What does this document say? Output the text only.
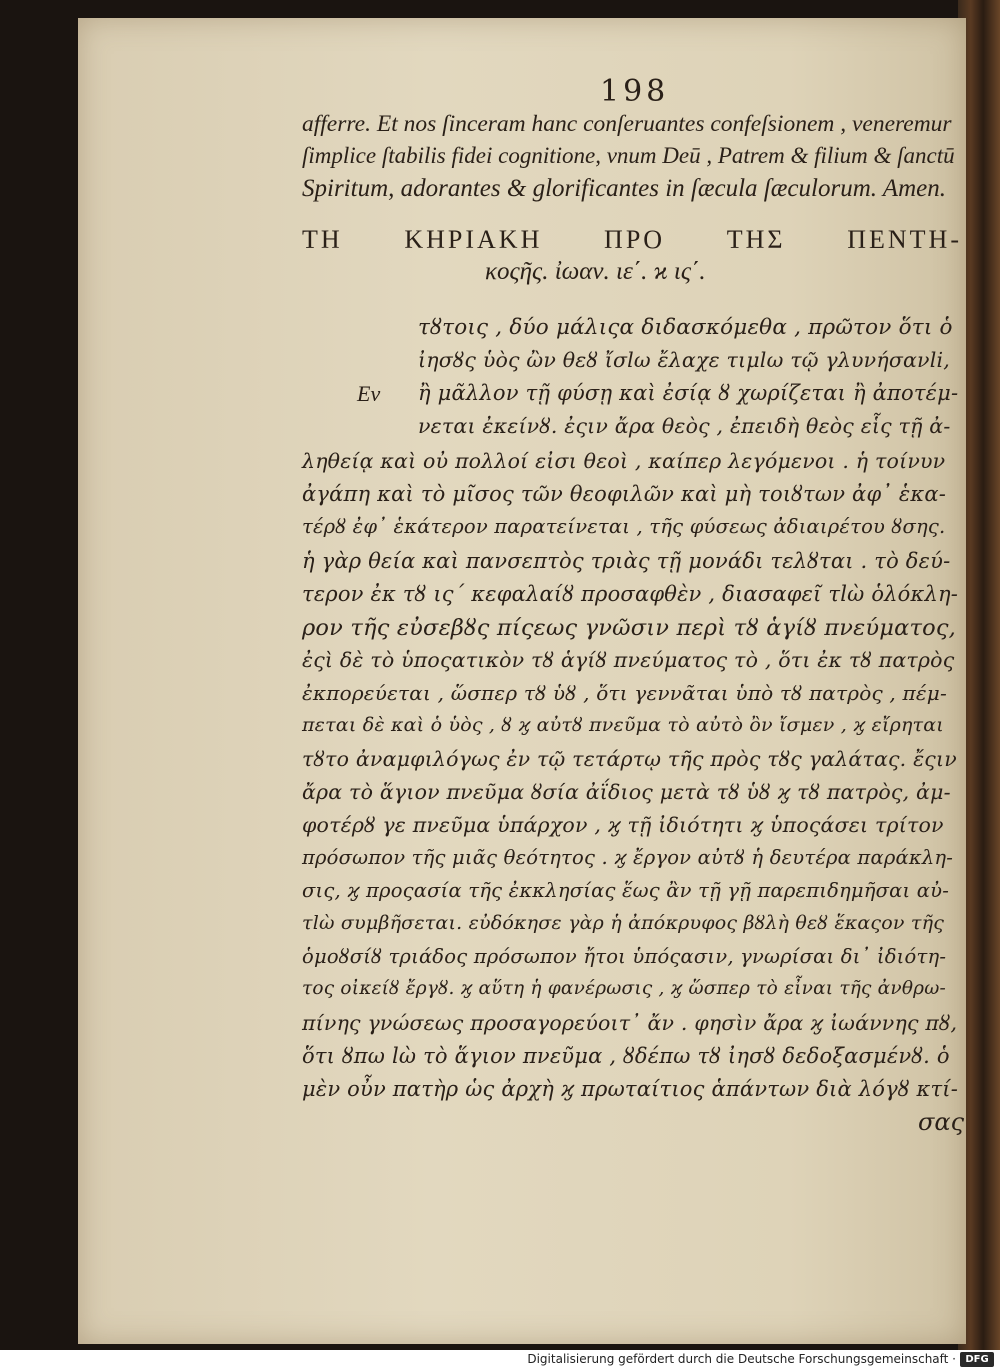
198
afferre. Et nos ſinceram hanc conſeruantes confeſsionem , veneremur
ſimplice ſtabilis fidei cognitione, vnum Deū , Patrem & filium & ſanctū
Spiritum, adorantes & glorificantes in ſæcula ſæculorum. Amen.
ΤΗ ΚΗΡΙΑΚΗ ΠΡΟ ΤΗΣ ΠΕΝΤΗ-
κοςῆς. ἰωαν. ιε΄. ϰ ις΄.
Εν
τȣτοις , δύο μάλιςα διδασκόμεθα , πρῶτον ὅτι ὁ
ἰησȣς ὑὸς ὢν θεȣ ἴσlω ἔλαχε τιμlω τῷ γλυνήσανli,
ἢ μᾶλλον τῇ φύσῃ καὶ ἐσίᾳ ȣ χωρίζεται ἢ ἀποτέμ-
νεται ἐκείνȣ. ἐςιν ἄρα θεὸς , ἐπειδὴ θεὸς εἷς τῇ ἀ-
ληθείᾳ καὶ οὐ πολλοί εἰσι θεοὶ , καίπερ λεγόμενοι . ἡ τοίνυν
ἀγάπη καὶ τὸ μῖσος τῶν θεοφιλῶν καὶ μὴ τοιȣτων ἀφ᾽ ἑκα-
τέρȣ ἐφ᾽ ἑκάτερον παρατείνεται , τῆς φύσεως ἀδιαιρέτου ȣσης.
ἡ γὰρ θεία καὶ πανσεπτὸς τριὰς τῇ μονάδι τελȣται . τὸ δεύ-
τερον ἐκ τȣ ις΄ κεφαλαίȣ προσαφθὲν , διασαφεῖ τlὼ ὁλόκλη-
ρον τῆς εὐσεβȣς πίςεως γνῶσιν περὶ τȣ ἁγίȣ πνεύματος,
ἐςὶ δὲ τὸ ὑποςατικὸν τȣ ἁγίȣ πνεύματος τὸ , ὅτι ἐκ τȣ πατρὸς
ἐκπορεύεται , ὥσπερ τȣ ὑȣ , ὅτι γεννᾶται ὑπὸ τȣ πατρὸς , πέμ-
πεται δὲ καὶ ὁ ὑὸς , ȣ ϗ αὐτȣ πνεῦμα τὸ αὐτὸ ὂν ἴσμεν , ϗ εἴρηται
τȣτο ἀναμφιλόγως ἐν τῷ τετάρτῳ τῆς πρὸς τȣς γαλάτας. ἔςιν
ἄρα τὸ ἅγιον πνεῦμα ȣσία ἀΐδιος μετὰ τȣ ὑȣ ϗ τȣ πατρὸς, ἀμ-
φοτέρȣ γε πνεῦμα ὑπάρχον , ϗ τῇ ἰδιότητι ϗ ὑποςάσει τρίτον
πρόσωπον τῆς μιᾶς θεότητος . ϗ ἔργον αὐτȣ ἡ δευτέρα παράκλη-
σις, ϗ προςασία τῆς ἐκκλησίας ἕως ἂν τῇ γῇ παρεπιδημῆσαι αὐ-
τlὼ συμβῆσεται. εὐδόκησε γὰρ ἡ ἀπόκρυφος βȣλὴ θεȣ ἕκαςον τῆς
ὁμοȣσίȣ τριάδος πρόσωπον ἤτοι ὑπόςασιν, γνωρίσαι δι᾽ ἰδιότη-
τος οἰκείȣ ἔργȣ. ϗ αὕτη ἡ φανέρωσις , ϗ ὥσπερ τὸ εἶναι τῆς ἀνθρω-
πίνης γνώσεως προσαγορεύοιτ᾽ ἄν . φησὶν ἄρα ϗ ἰωάννης πȣ,
ὅτι ȣπω lὼ τὸ ἅγιον πνεῦμα , ȣδέπω τȣ ἰησȣ δεδοξασμένȣ. ὁ
μὲν οὖν πατὴρ ὡς ἀρχὴ ϗ πρωταίτιος ἁπάντων διὰ λόγȣ κτί-
σας
Digitalisierung gefördert durch die Deutsche Forschungsgemeinschaft · DFG
